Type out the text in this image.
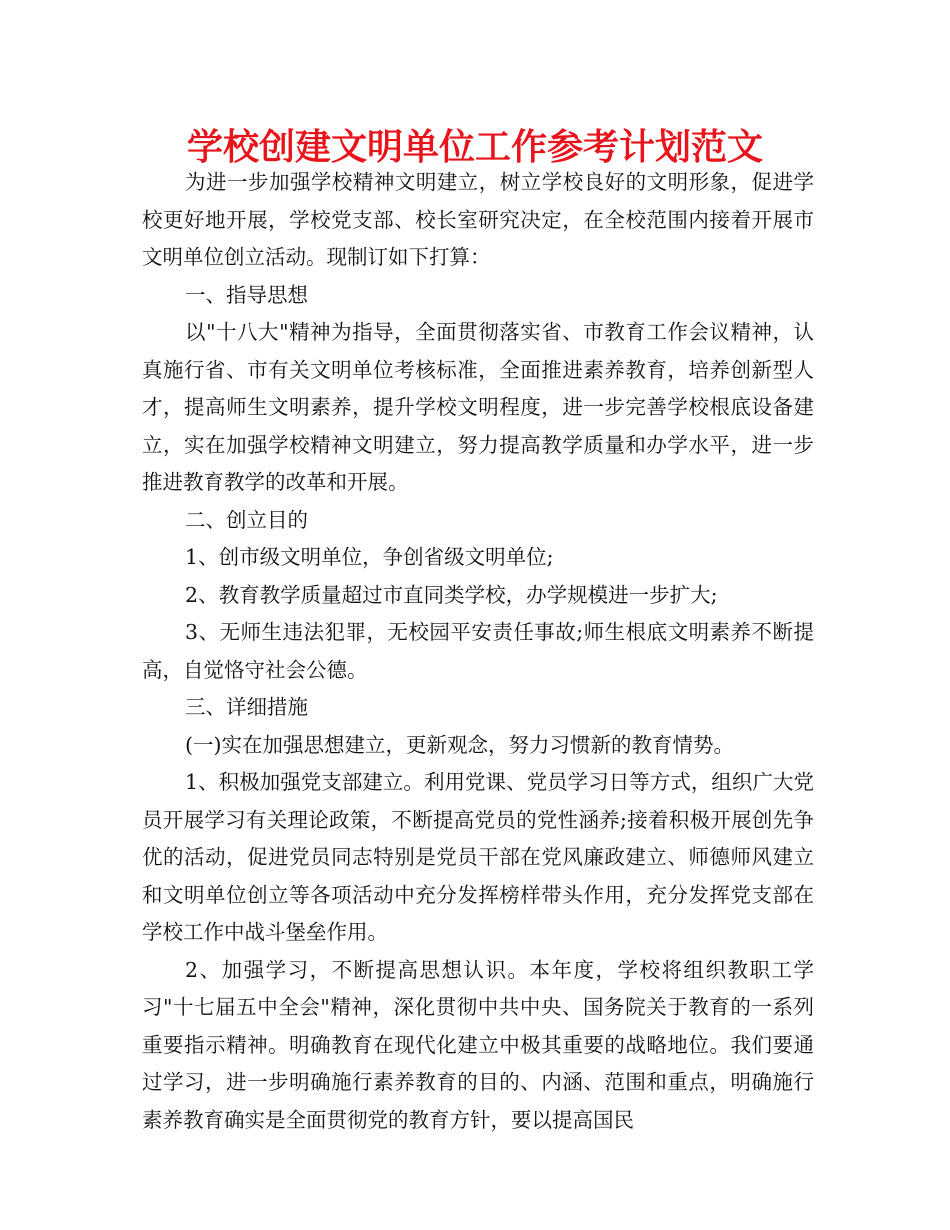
学校创建文明单位工作参考计划范文

为进一步加强学校精神文明建立，树立学校良好的文明形象，促进学校更好地开展，学校党支部、校长室研究决定，在全校范围内接着开展市文明单位创立活动。现制订如下打算：

一、指导思想

以"十八大"精神为指导，全面贯彻落实省、市教育工作会议精神，认真施行省、市有关文明单位考核标准，全面推进素养教育，培养创新型人才，提高师生文明素养，提升学校文明程度，进一步完善学校根底设备建立，实在加强学校精神文明建立，努力提高教学质量和办学水平，进一步推进教育教学的改革和开展。

二、创立目的

1、创市级文明单位，争创省级文明单位;

2、教育教学质量超过市直同类学校，办学规模进一步扩大;

3、无师生违法犯罪，无校园平安责任事故;师生根底文明素养不断提高，自觉恪守社会公德。

三、详细措施

(一)实在加强思想建立，更新观念，努力习惯新的教育情势。

1、积极加强党支部建立。利用党课、党员学习日等方式，组织广大党员开展学习有关理论政策，不断提高党员的党性涵养;接着积极开展创先争优的活动，促进党员同志特别是党员干部在党风廉政建立、师德师风建立和文明单位创立等各项活动中充分发挥榜样带头作用，充分发挥党支部在学校工作中战斗堡垒作用。

2、加强学习，不断提高思想认识。本年度，学校将组织教职工学习"十七届五中全会"精神，深化贯彻中共中央、国务院关于教育的一系列重要指示精神。明确教育在现代化建立中极其重要的战略地位。我们要通过学习，进一步明确施行素养教育的目的、内涵、范围和重点，明确施行素养教育确实是全面贯彻党的教育方针，要以提高国民
